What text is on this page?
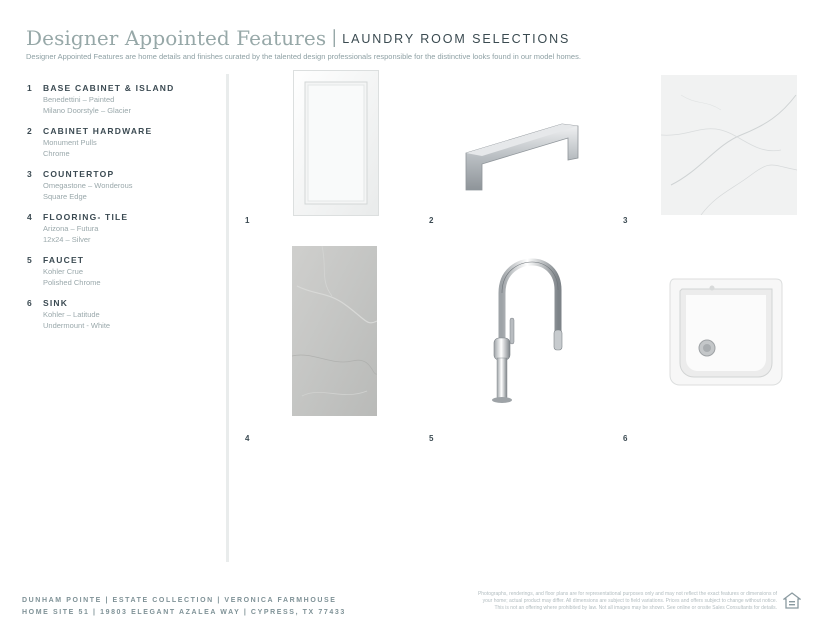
Designer Appointed Features | LAUNDRY ROOM SELECTIONS
Designer Appointed Features are home details and finishes curated by the talented design professionals responsible for the distinctive looks found in our model homes.
1	BASE CABINET & ISLAND
Benedettini – Painted
Milano Doorstyle – Glacier
2	CABINET HARDWARE
Monument Pulls
Chrome
3	COUNTERTOP
Omegastone – Wonderous
Square Edge
4	FLOORING- TILE
Arizona – Futura
12x24 – Silver
5	FAUCET
Kohler Crue
Polished Chrome
6	SINK
Kohler – Latitude
Undermount - White
1	2	3
4	5	6
DUNHAM POINTE | ESTATE COLLECTION | VERONICA FARMHOUSE
HOME SITE 51 | 19803 ELEGANT AZALEA WAY | CYPRESS, TX 77433
Photographs, renderings, and floor plans are for representational purposes only and may not reflect the exact features or dimensions of
your home; actual product may differ. All dimensions are subject to field variations. Prices and offers subject to change without notice.
This is not an offering where prohibited by law. Not all images may be shown. See online or onsite Sales Consultants for details.
